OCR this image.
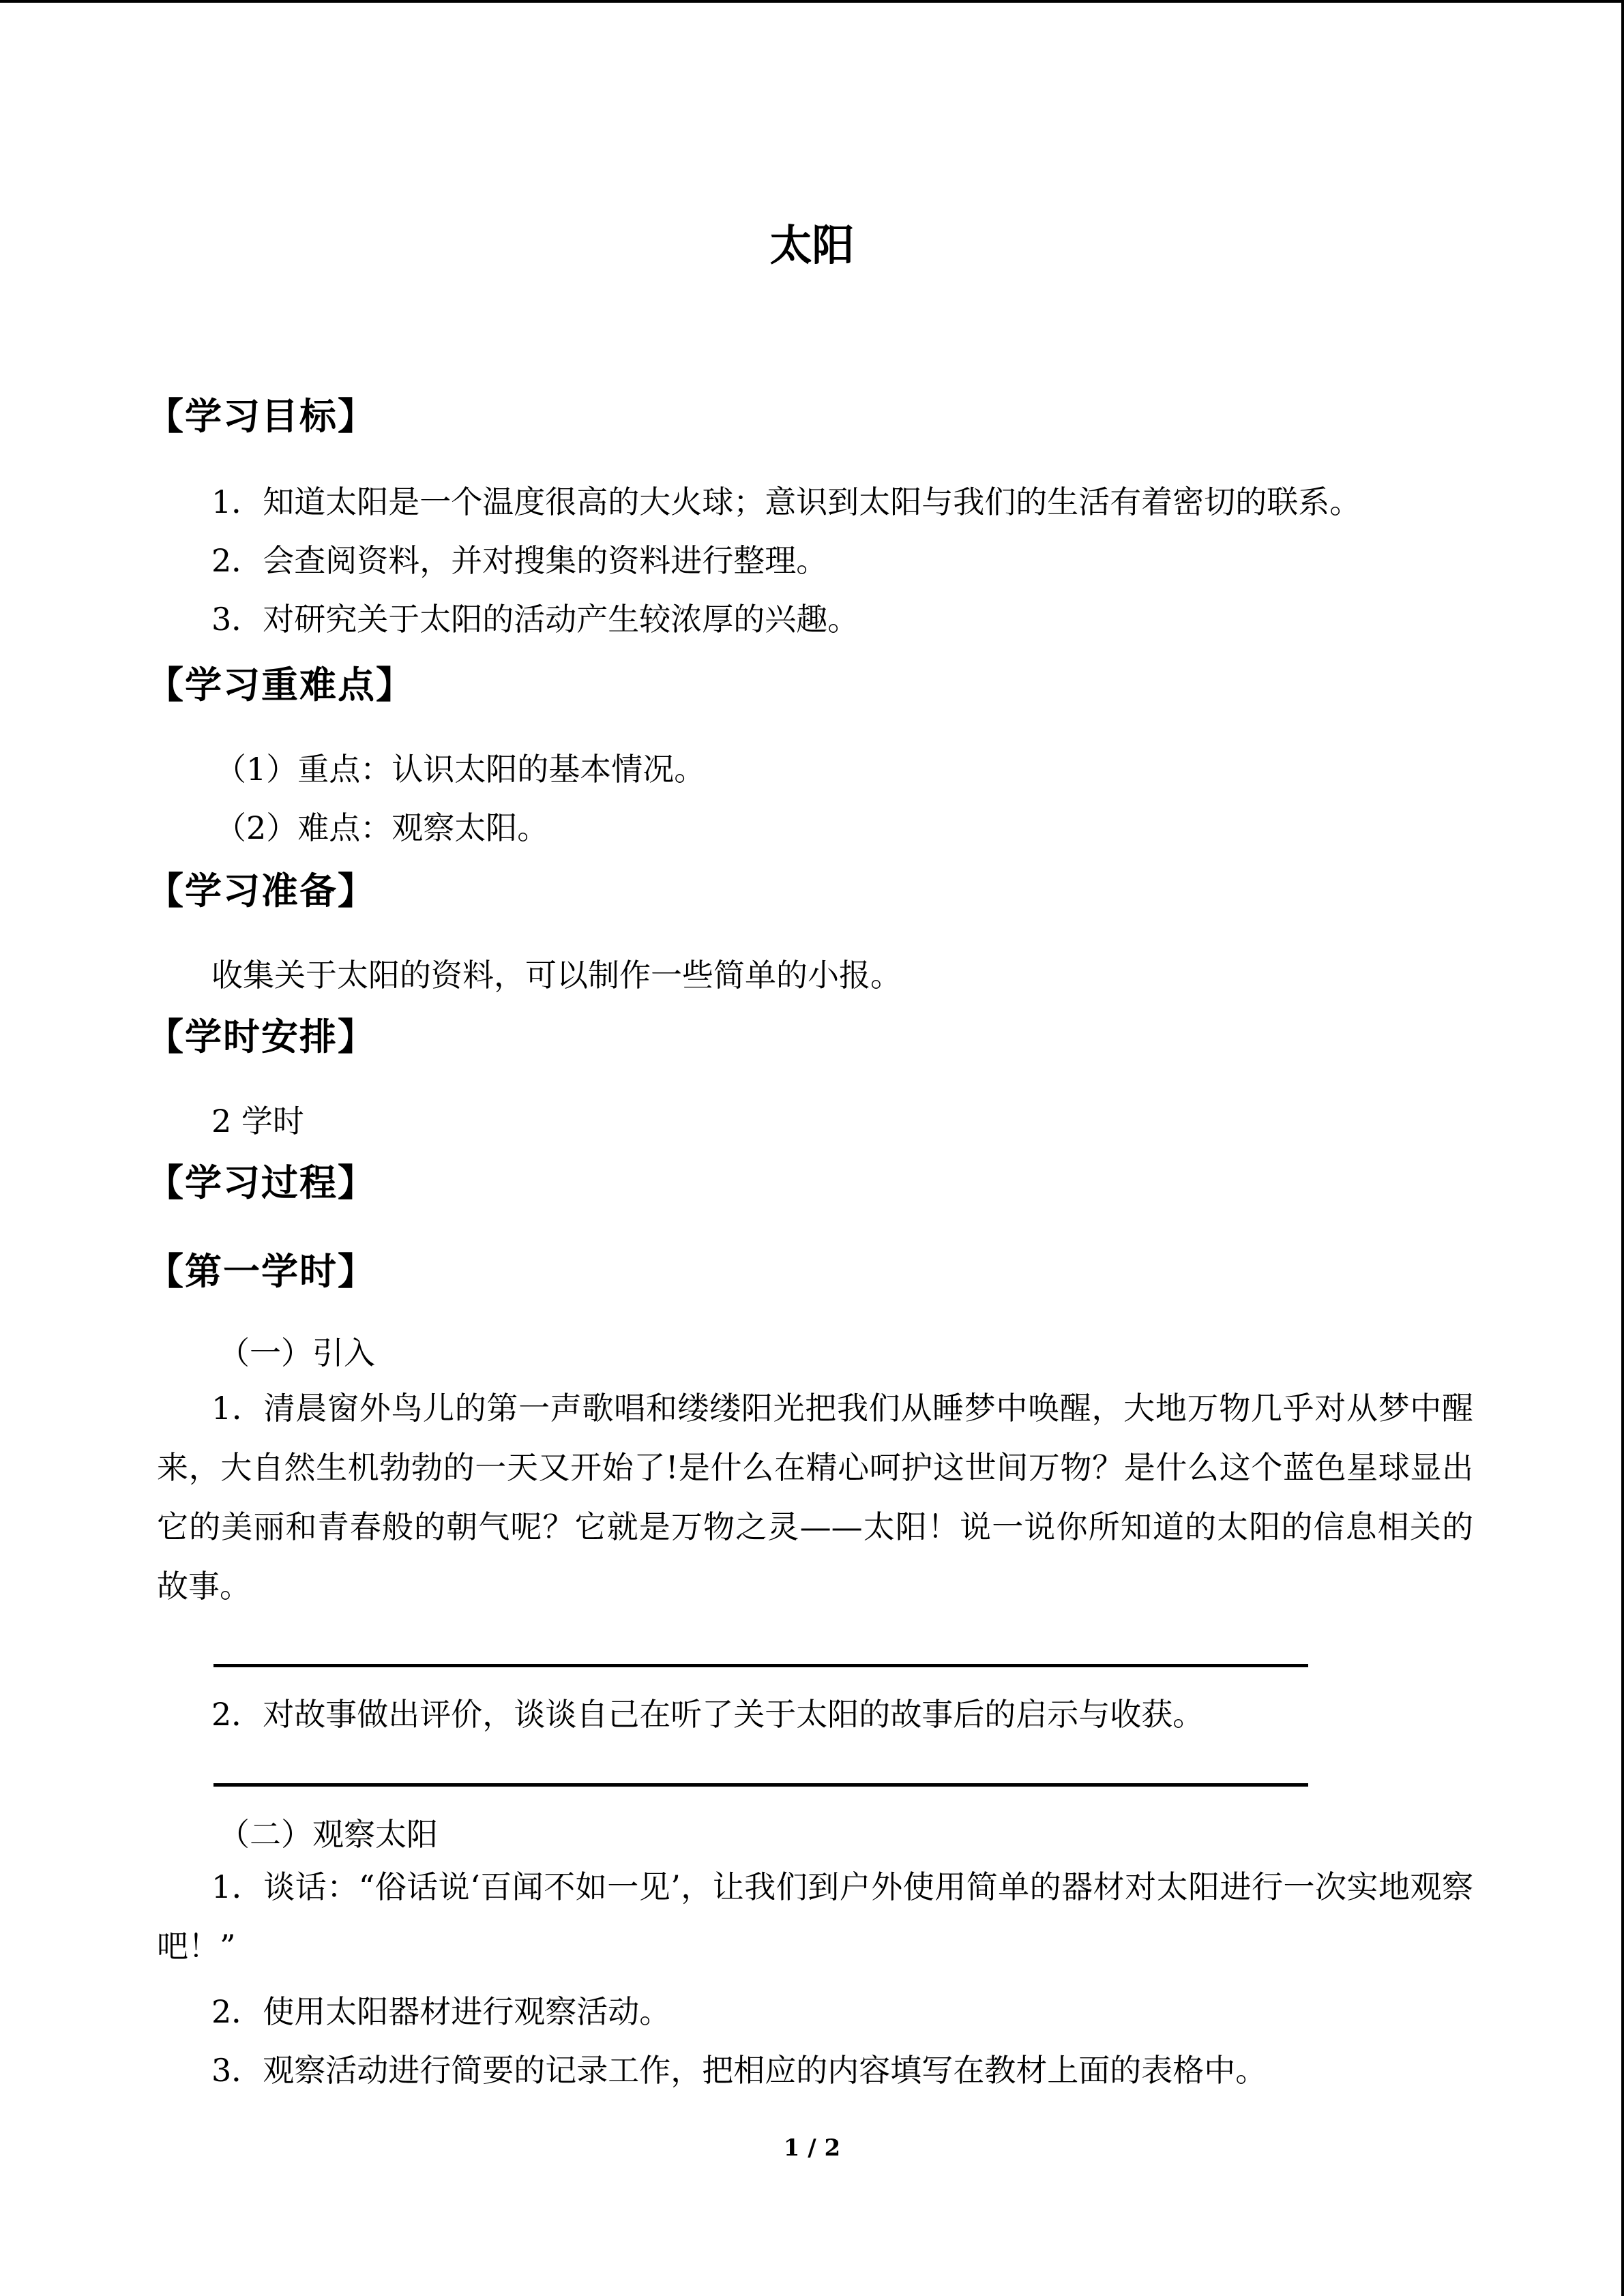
太阳
【学习目标】
1．知道太阳是一个温度很高的大火球；意识到太阳与我们的生活有着密切的联系。
2．会查阅资料，并对搜集的资料进行整理。
3．对研究关于太阳的活动产生较浓厚的兴趣。
【学习重难点】
（1）重点：认识太阳的基本情况。
（2）难点：观察太阳。
【学习准备】
收集关于太阳的资料，可以制作一些简单的小报。
【学时安排】
2 学时
【学习过程】
【第一学时】
（一）引入
1．清晨窗外鸟儿的第一声歌唱和缕缕阳光把我们从睡梦中唤醒，大地万物几乎对从梦中醒来，大自然生机勃勃的一天又开始了!是什么在精心呵护这世间万物？是什么这个蓝色星球显出它的美丽和青春般的朝气呢？它就是万物之灵——太阳！说一说你所知道的太阳的信息相关的故事。
2．对故事做出评价，谈谈自己在听了关于太阳的故事后的启示与收获。
（二）观察太阳
1．谈话：“俗话说‘百闻不如一见’，让我们到户外使用简单的器材对太阳进行一次实地观察吧！”
2．使用太阳器材进行观察活动。
3．观察活动进行简要的记录工作，把相应的内容填写在教材上面的表格中。
1 / 2
